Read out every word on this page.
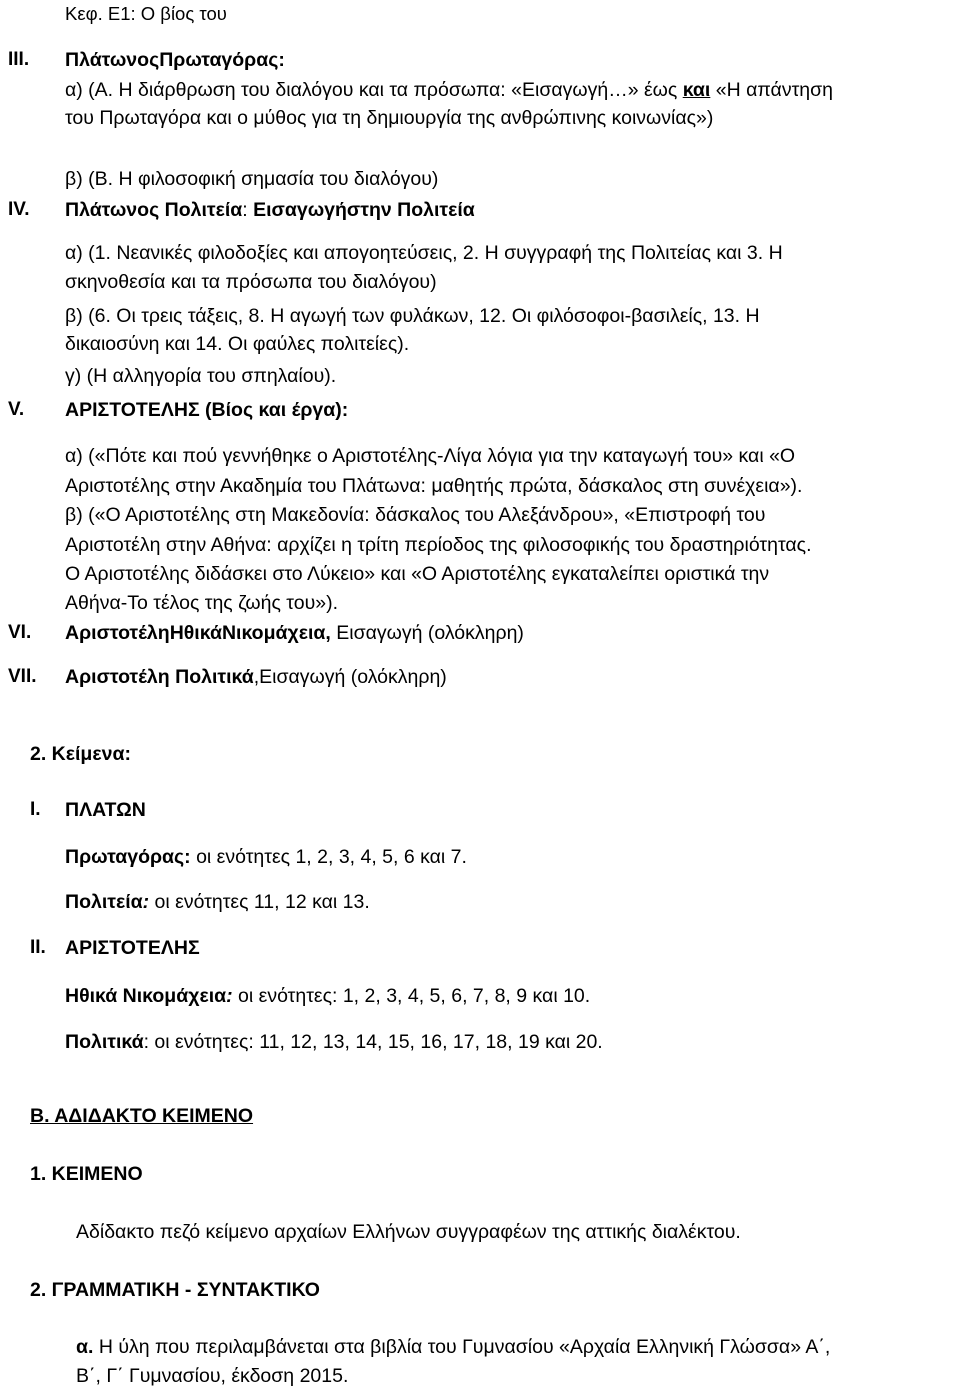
Κεφ. Ε1: Ο βίος του
III. ΠλάτωνοςΠρωταγόρας:
α) (Α. Η διάρθρωση του διαλόγου και τα πρόσωπα: «Εισαγωγή…» έως και «Η απάντηση
του Πρωταγόρα και ο μύθος για τη δημιουργία της ανθρώπινης κοινωνίας»)
β) (Β. Η φιλοσοφική σημασία του διαλόγου)
IV. Πλάτωνος Πολιτεία: Εισαγωγήστην Πολιτεία
α) (1. Νεανικές φιλοδοξίες και απογοητεύσεις, 2. Η συγγραφή της Πολιτείας και 3. Η
σκηνοθεσία και τα πρόσωπα του διαλόγου)
β) (6. Οι τρεις τάξεις, 8. Η αγωγή των φυλάκων, 12. Οι φιλόσοφοι-βασιλείς, 13. Η
δικαιοσύνη και 14. Οι φαύλες πολιτείες).
γ) (Η αλληγορία του σπηλαίου).
V. ΑΡΙΣΤΟΤΕΛΗΣ (Βίος και έργα):
α) («Πότε και πού γεννήθηκε ο Αριστοτέλης-Λίγα λόγια για την καταγωγή του» και «Ο
Αριστοτέλης στην Ακαδημία του Πλάτωνα: μαθητής πρώτα, δάσκαλος στη συνέχεια»).
β) («Ο Αριστοτέλης στη Μακεδονία: δάσκαλος του Αλεξάνδρου», «Επιστροφή του
Αριστοτέλη στην Αθήνα: αρχίζει η τρίτη περίοδος της φιλοσοφικής του δραστηριότητας.
Ο Αριστοτέλης διδάσκει στο Λύκειο» και «Ο Αριστοτέλης εγκαταλείπει οριστικά την
Αθήνα-Το τέλος της ζωής του»).
VI. ΑριστοτέληΗθικάΝικομάχεια, Εισαγωγή (ολόκληρη)
VII. Αριστοτέλη Πολιτικά,Εισαγωγή (ολόκληρη)
2. Κείμενα:
I. ΠΛΑΤΩΝ
Πρωταγόρας: οι ενότητες 1, 2, 3, 4, 5, 6 και 7.
Πολιτεία: οι ενότητες 11, 12 και 13.
II. ΑΡΙΣΤΟΤΕΛΗΣ
Ηθικά Νικομάχεια: οι ενότητες: 1, 2, 3, 4, 5, 6, 7, 8, 9 και 10.
Πολιτικά: οι ενότητες: 11, 12, 13, 14, 15, 16, 17, 18, 19 και 20.
Β. ΑΔΙΔΑΚΤΟ ΚΕΙΜΕΝΟ
1. ΚΕΙΜΕΝΟ
Αδίδακτο πεζό κείμενο αρχαίων Ελλήνων συγγραφέων της αττικής διαλέκτου.
2. ΓΡΑΜΜΑΤΙΚΗ - ΣΥΝΤΑΚΤΙΚΟ
α. Η ύλη που περιλαμβάνεται στα βιβλία του Γυμνασίου «Αρχαία Ελληνική Γλώσσα» Α΄,
Β΄, Γ΄ Γυμνασίου, έκδοση 2015.
